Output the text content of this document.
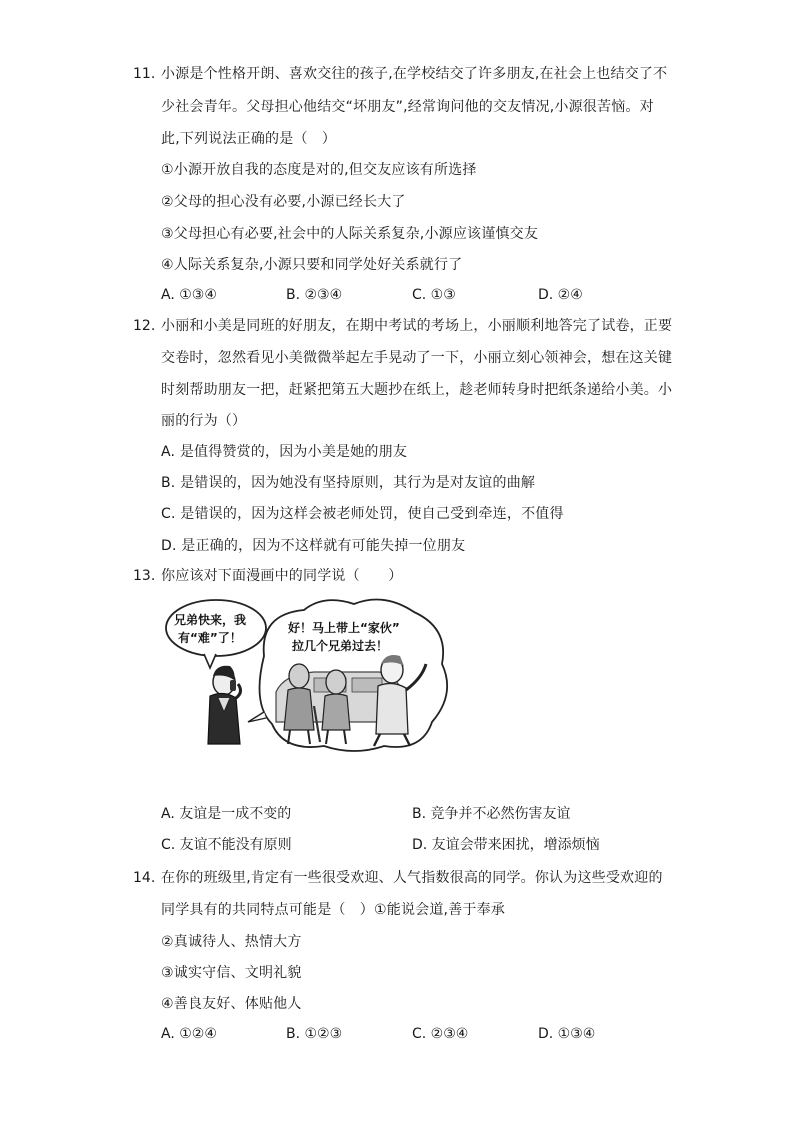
11. 小源是个性格开朗、喜欢交往的孩子,在学校结交了许多朋友,在社会上也结交了不
少社会青年。父母担心他结交“坏朋友”,经常询问他的交友情况,小源很苦恼。对
此,下列说法正确的是（　）
①小源开放自我的态度是对的,但交友应该有所选择
②父母的担心没有必要,小源已经长大了
③父母担心有必要,社会中的人际关系复杂,小源应该谨慎交友
④人际关系复杂,小源只要和同学处好关系就行了
A. ①③④	B. ②③④	C. ①③	D. ②④
12. 小丽和小美是同班的好朋友，在期中考试的考场上，小丽顺利地答完了试卷，正要
交卷时，忽然看见小美微微举起左手晃动了一下，小丽立刻心领神会，想在这关键
时刻帮助朋友一把，赶紧把第五大题抄在纸上，趁老师转身时把纸条递给小美。小
丽的行为（）
A. 是值得赞赏的，因为小美是她的朋友
B. 是错误的，因为她没有坚持原则，其行为是对友谊的曲解
C. 是错误的，因为这样会被老师处罚，使自己受到牵连，不值得
D. 是正确的，因为不这样就有可能失掉一位朋友
13. 你应该对下面漫画中的同学说（　　）
A. 友谊是一成不变的	B. 竞争并不必然伤害友谊
C. 友谊不能没有原则	D. 友谊会带来困扰，增添烦恼
兄弟快来，我
有“难”了！
好！马上带上“家伙”
拉几个兄弟过去！
14. 在你的班级里,肯定有一些很受欢迎、人气指数很高的同学。你认为这些受欢迎的
同学具有的共同特点可能是（　）①能说会道,善于奉承
②真诚待人、热情大方
③诚实守信、文明礼貌
④善良友好、体贴他人
A. ①②④	B. ①②③	C. ②③④	D. ①③④
